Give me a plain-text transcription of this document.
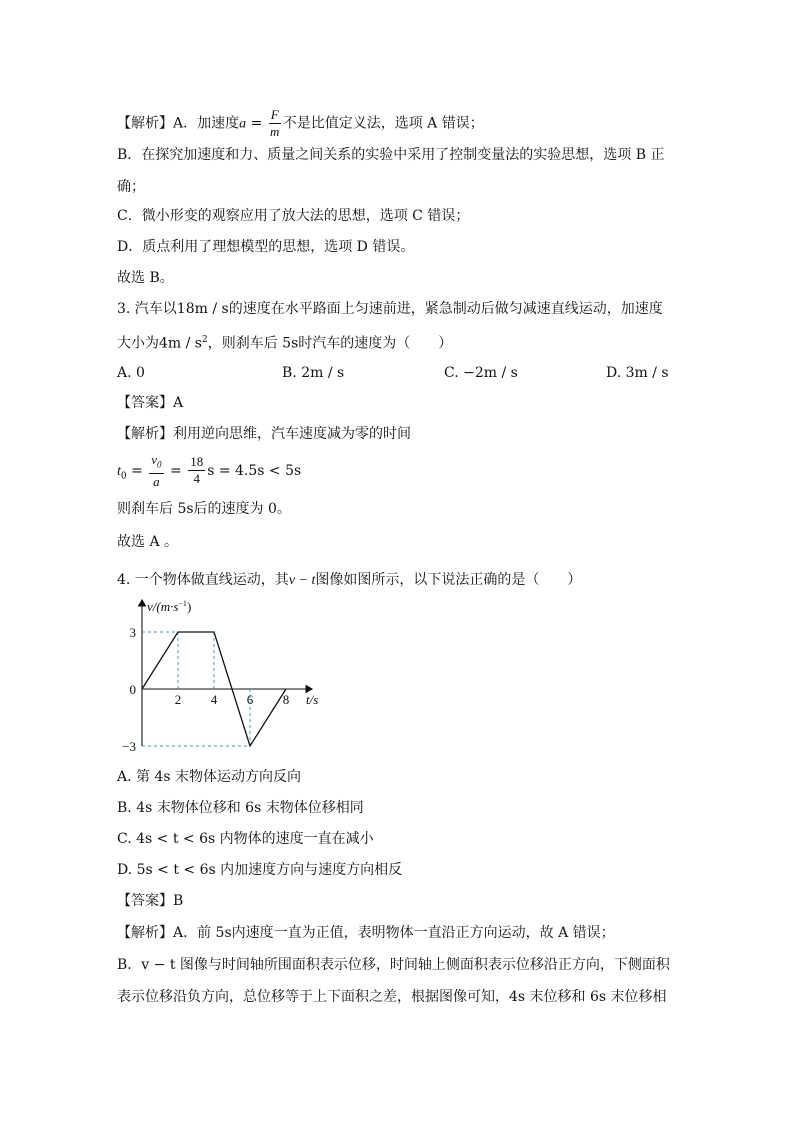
【解析】A．加速度$a = \frac{F}{m}$ 不是比值定义法，选项 A 错误；
B．在探究加速度和力、质量之间关系的实验中采用了控制变量法的实验思想，选项 B 正
确；
C．微小形变的观察应用了放大法的思想，选项 C 错误；
D．质点利用了理想模型的思想，选项 D 错误。
故选 B。
3. 汽车以18m / s的速度在水平路面上匀速前进，紧急制动后做匀减速直线运动，加速度
大小为$4m / s^2$，则刹车后 5s时汽车的速度为（　　）
A. 0	B. 2m / s	C. −2m / s	D. 3m / s
【答案】A
【解析】利用逆向思维，汽车速度减为零的时间
$t_0 = \frac{v_0}{a} = \frac{18}{4}$ s = 4.5s < 5s
则刹车后 5s后的速度为 0。
故选 A 。
4. 一个物体做直线运动，其v − t图像如图所示，以下说法正确的是（　　）
$v/(m\cdot s^{-1})$
t/s
3
0
−3
2 4 6 8
A. 第 4s 末物体运动方向反向
B. 4s 末物体位移和 6s 末物体位移相同
C. 4s < t < 6s 内物体的速度一直在减小
D. 5s < t < 6s 内加速度方向与速度方向相反
【答案】B
【解析】A．前 5s内速度一直为正值，表明物体一直沿正方向运动，故 A 错误；
B．v − t 图像与时间轴所围面积表示位移，时间轴上侧面积表示位移沿正方向，下侧面积
表示位移沿负方向，总位移等于上下面积之差，根据图像可知，4s 末位移和 6s 末位移相
